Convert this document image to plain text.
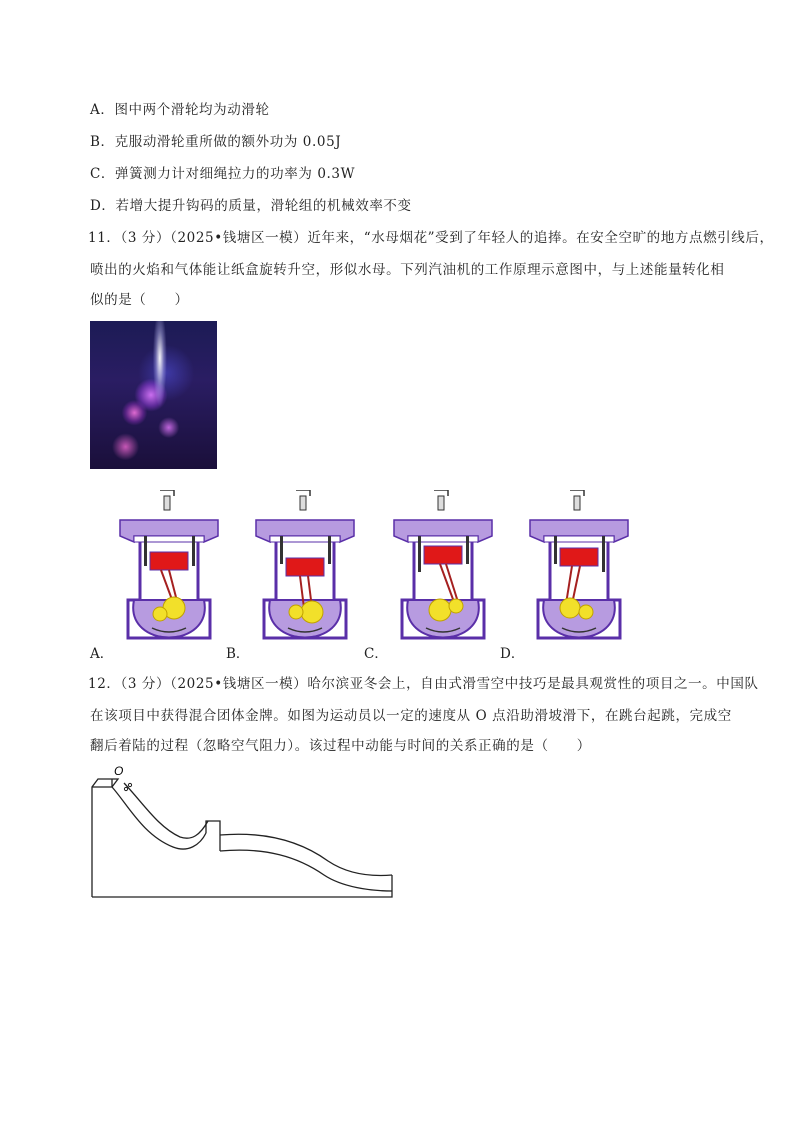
A．图中两个滑轮均为动滑轮
B．克服动滑轮重所做的额外功为 0.05J
C．弹簧测力计对细绳拉力的功率为 0.3W
D．若增大提升钩码的质量，滑轮组的机械效率不变
11．（3 分）（2025•钱塘区一模）近年来，“水母烟花”受到了年轻人的追捧。在安全空旷的地方点燃引线后，
喷出的火焰和气体能让纸盒旋转升空，形似水母。下列汽油机的工作原理示意图中，与上述能量转化相
似的是（　　）
A．	B．	C．	D．
12．（3 分）（2025•钱塘区一模）哈尔滨亚冬会上，自由式滑雪空中技巧是最具观赏性的项目之一。中国队
在该项目中获得混合团体金牌。如图为运动员以一定的速度从 O 点沿助滑坡滑下，在跳台起跳，完成空
翻后着陆的过程（忽略空气阻力）。该过程中动能与时间的关系正确的是（　　）
O
